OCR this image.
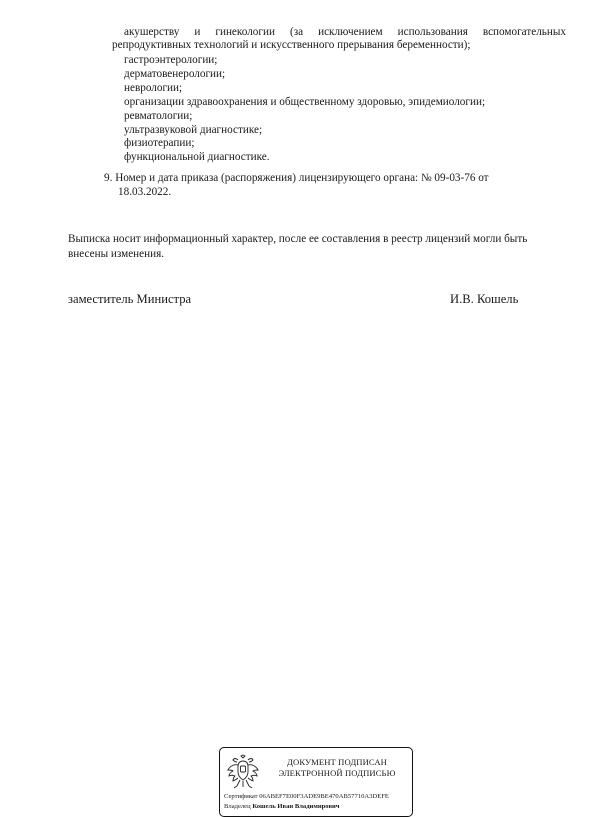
акушерству и гинекологии (за исключением использования вспомогательных репродуктивных технологий и искусственного прерывания беременности);
гастроэнтерологии;
дерматовенерологии;
неврологии;
организации здравоохранения и общественному здоровью, эпидемиологии;
ревматологии;
ультразвуковой диагностике;
физиотерапии;
функциональной диагностике.
9. Номер и дата приказа (распоряжения) лицензирующего органа: № 09-03-76 от
18.03.2022.
Выписка носит информационный характер, после ее составления в реестр лицензий могли быть внесены изменения.
заместитель Министра	И.В. Кошель
ДОКУМЕНТ ПОДПИСАН
ЭЛЕКТРОННОЙ ПОДПИСЬЮ
Сертификат 06ABEF7E00F3ADE9BE470AB57710A3DEFE
Владелец Кошель Иван Владимирович
